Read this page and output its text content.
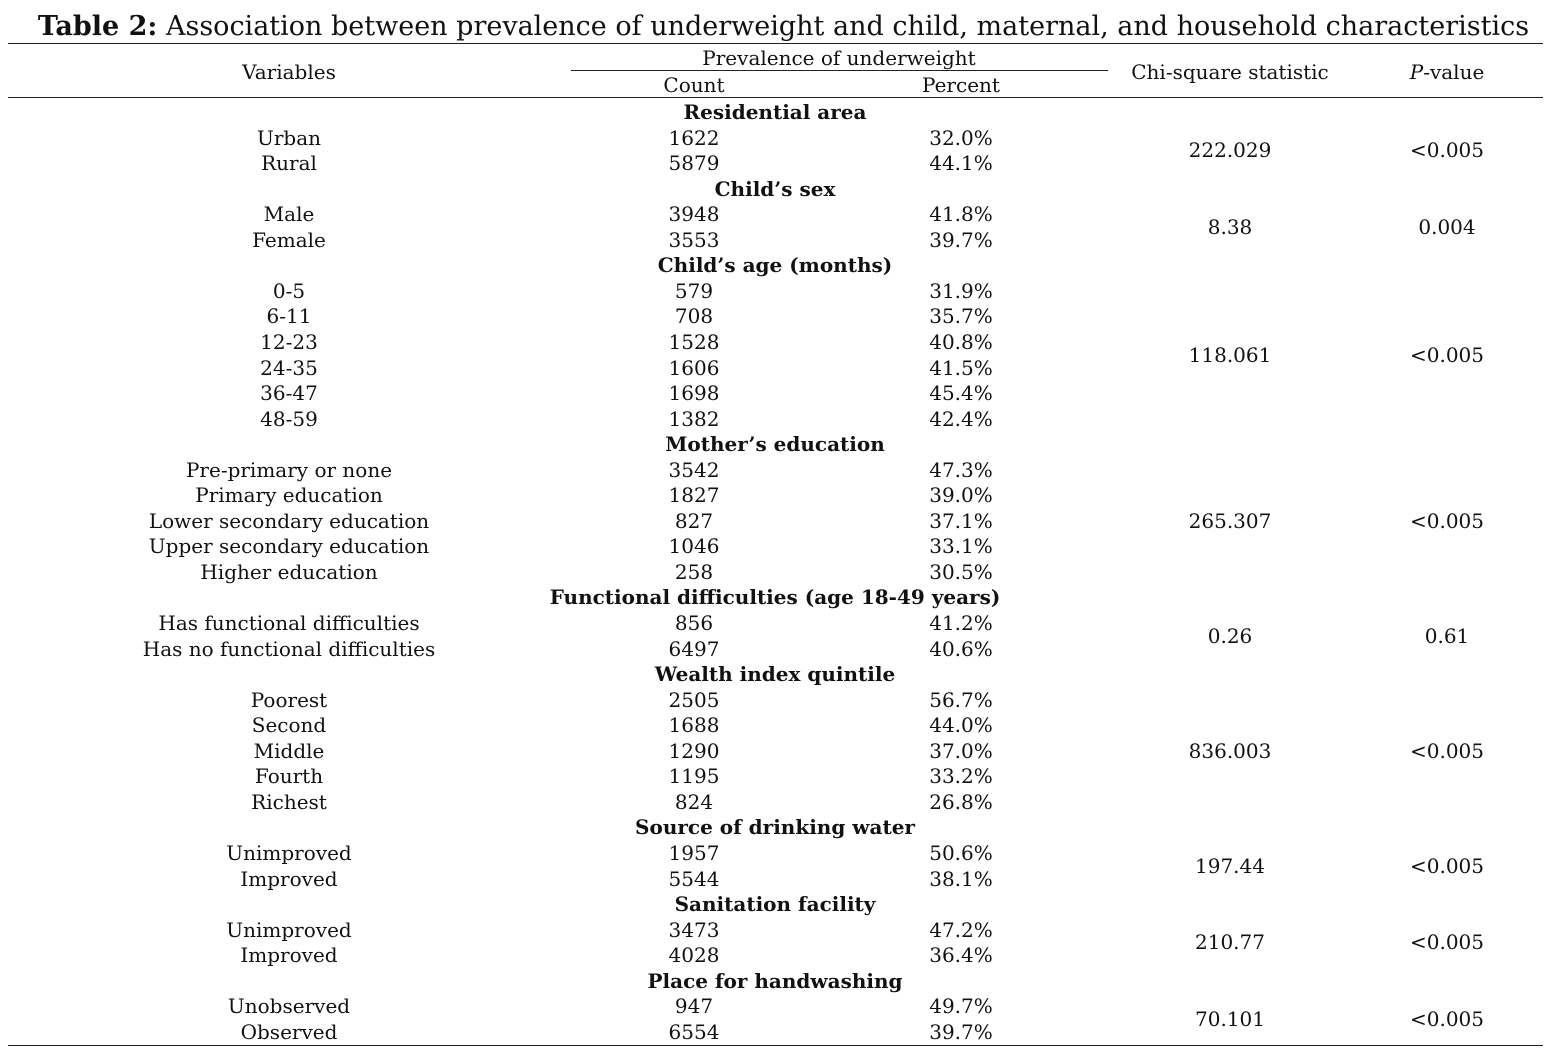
Table 2: Association between prevalence of underweight and child, maternal, and household characteristics
Variables
Prevalence of underweight
Count	Percent
Chi-square statistic	P-value
Residential area
Urban	1622	32.0%
Rural	5879	44.1%
222.029	<0.005
Child’s sex
Male	3948	41.8%
Female	3553	39.7%
8.38	0.004
Child’s age (months)
0-5	579	31.9%
6-11	708	35.7%
12-23	1528	40.8%
24-35	1606	41.5%
36-47	1698	45.4%
48-59	1382	42.4%
118.061	<0.005
Mother’s education
Pre-primary or none	3542	47.3%
Primary education	1827	39.0%
Lower secondary education	827	37.1%
Upper secondary education	1046	33.1%
Higher education	258	30.5%
265.307	<0.005
Functional difficulties (age 18-49 years)
Has functional difficulties	856	41.2%
Has no functional difficulties	6497	40.6%
0.26	0.61
Wealth index quintile
Poorest	2505	56.7%
Second	1688	44.0%
Middle	1290	37.0%
Fourth	1195	33.2%
Richest	824	26.8%
836.003	<0.005
Source of drinking water
Unimproved	1957	50.6%
Improved	5544	38.1%
197.44	<0.005
Sanitation facility
Unimproved	3473	47.2%
Improved	4028	36.4%
210.77	<0.005
Place for handwashing
Unobserved	947	49.7%
Observed	6554	39.7%
70.101	<0.005
